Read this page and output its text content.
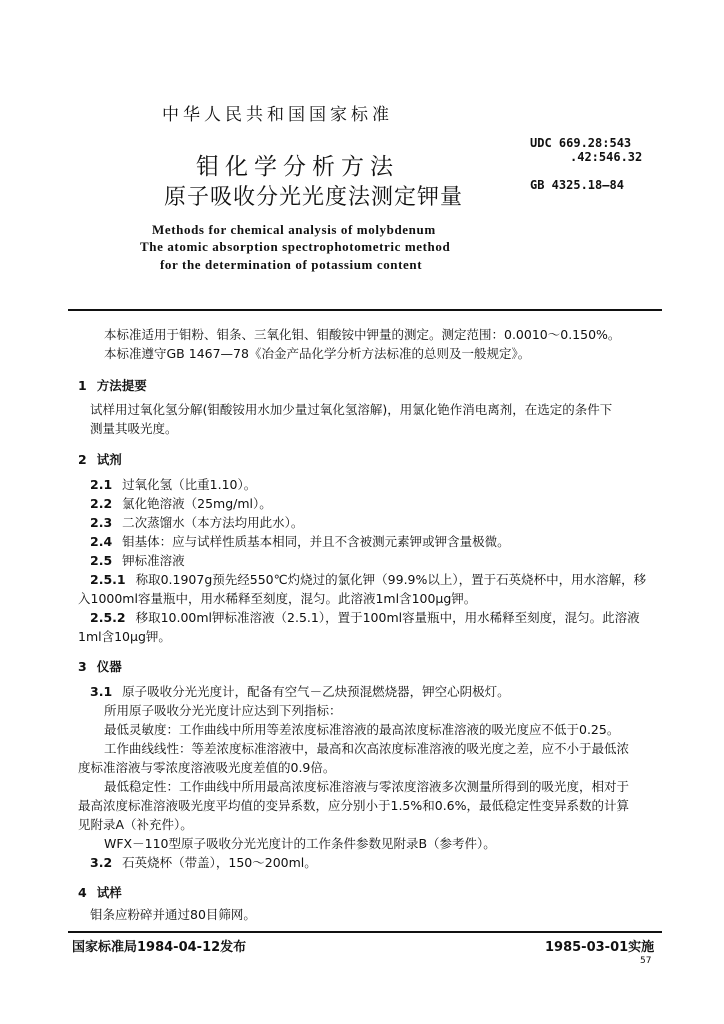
中华人民共和国国家标准
钼化学分析方法
原子吸收分光光度法测定钾量
UDC 669.28:543
.42:546.32
GB 4325.18—84
Methods for chemical analysis of molybdenum
The atomic absorption spectrophotometric method
for the determination of potassium content
本标准适用于钼粉、钼条、三氧化钼、钼酸铵中钾量的测定。测定范围：0.0010～0.150%。
本标准遵守GB 1467—78《冶金产品化学分析方法标准的总则及一般规定》。
1 方法提要
试样用过氧化氢分解(钼酸铵用水加少量过氧化氢溶解)，用氯化铯作消电离剂，在选定的条件下
测量其吸光度。
2 试剂
2.1 过氧化氢（比重1.10）。
2.2 氯化铯溶液（25mg/ml）。
2.3 二次蒸馏水（本方法均用此水）。
2.4 钼基体：应与试样性质基本相同，并且不含被测元素钾或钾含量极微。
2.5 钾标准溶液
2.5.1 称取0.1907g预先经550℃灼烧过的氯化钾（99.9%以上），置于石英烧杯中，用水溶解，移
入1000ml容量瓶中，用水稀释至刻度，混匀。此溶液1ml含100μg钾。
2.5.2 移取10.00ml钾标准溶液（2.5.1），置于100ml容量瓶中，用水稀释至刻度，混匀。此溶液
1ml含10μg钾。
3 仪器
3.1 原子吸收分光光度计，配备有空气－乙炔预混燃烧器，钾空心阴极灯。
所用原子吸收分光光度计应达到下列指标：
最低灵敏度：工作曲线中所用等差浓度标准溶液的最高浓度标准溶液的吸光度应不低于0.25。
工作曲线线性：等差浓度标准溶液中，最高和次高浓度标准溶液的吸光度之差，应不小于最低浓
度标准溶液与零浓度溶液吸光度差值的0.9倍。
最低稳定性：工作曲线中所用最高浓度标准溶液与零浓度溶液多次测量所得到的吸光度，相对于
最高浓度标准溶液吸光度平均值的变异系数，应分别小于1.5%和0.6%，最低稳定性变异系数的计算
见附录A（补充件）。
WFX－110型原子吸收分光光度计的工作条件参数见附录B（参考件）。
3.2 石英烧杯（带盖），150～200ml。
4 试样
钼条应粉碎并通过80目筛网。
国家标准局1984-04-12发布	1985-03-01实施
57
